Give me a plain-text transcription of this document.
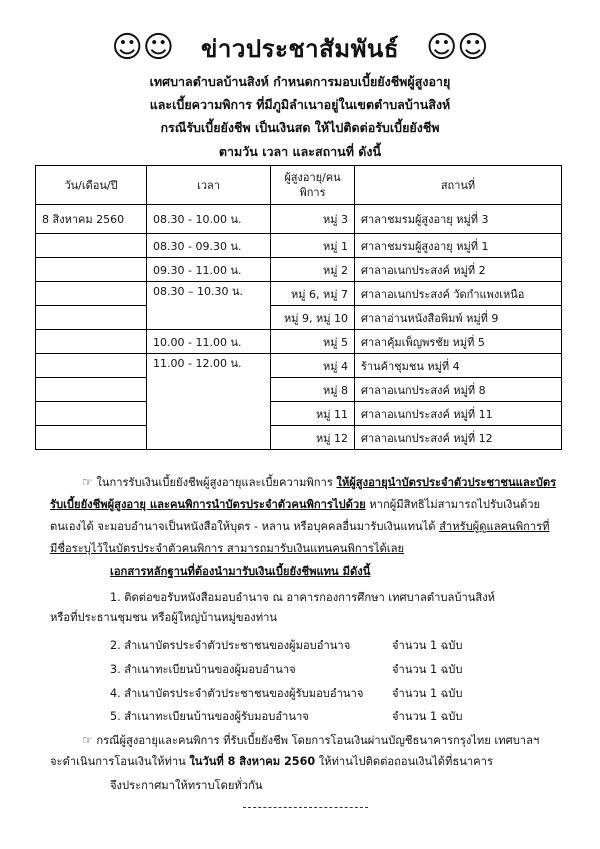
☺☺ ข่าวประชาสัมพันธ์ ☺☺
เทศบาลตำบลบ้านสิงห์ กำหนดการมอบเบี้ยยังชีพผู้สูงอายุ
และเบี้ยความพิการ ที่มีภูมิลำเนาอยู่ในเขตตำบลบ้านสิงห์
กรณีรับเบี้ยยังชีพ เป็นเงินสด ให้ไปติดต่อรับเบี้ยยังชีพ
ตามวัน เวลา และสถานที่ ดังนี้
วัน/เดือน/ปี	เวลา	ผู้สูงอายุ/คนพิการ	สถานที่
8 สิงหาคม 2560	08.30 - 10.00 น.	หมู่ 3	ศาลาชมรมผู้สูงอายุ หมู่ที่ 3
	08.30 - 09.30 น.	หมู่ 1	ศาลาชมรมผู้สูงอายุ หมู่ที่ 1
	09.30 - 11.00 น.	หมู่ 2	ศาลาอเนกประสงค์ หมู่ที่ 2
	08.30 – 10.30 น.	หมู่ 6, หมู่ 7	ศาลาอเนกประสงค์ วัดกำแพงเหนือ
		หมู่ 9, หมู่ 10	ศาลาอ่านหนังสือพิมพ์ หมู่ที่ 9
	10.00 - 11.00 น.	หมู่ 5	ศาลาคุ้มเพ็ญพรชัย หมู่ที่ 5
	11.00 - 12.00 น.	หมู่ 4	ร้านค้าชุมชน หมู่ที่ 4
		หมู่ 8	ศาลาอเนกประสงค์ หมู่ที่ 8
		หมู่ 11	ศาลาอเนกประสงค์ หมู่ที่ 11
		หมู่ 12	ศาลาอเนกประสงค์ หมู่ที่ 12
☞ ในการรับเงินเบี้ยยังชีพผู้สูงอายุและเบี้ยความพิการ ให้ผู้สูงอายุนำบัตรประจำตัวประชาชนและบัตรรับเบี้ยยังชีพผู้สูงอายุ และคนพิการนำบัตรประจำตัวคนพิการไปด้วย หากผู้มีสิทธิไม่สามารถไปรับเงินด้วยตนเองได้ จะมอบอำนาจเป็นหนังสือให้บุตร - หลาน หรือบุคคลอื่นมารับเงินแทนได้ สำหรับผู้ดูแลคนพิการที่มีชื่อระบุไว้ในบัตรประจำตัวคนพิการ สามารถมารับเงินแทนคนพิการได้เลย
เอกสารหลักฐานที่ต้องนำมารับเงินเบี้ยยังชีพแทน มีดังนี้
1. ติดต่อขอรับหนังสือมอบอำนาจ ณ อาคารกองการศึกษา เทศบาลตำบลบ้านสิงห์
หรือที่ประธานชุมชน หรือผู้ใหญ่บ้านหมู่ของท่าน
2. สำเนาบัตรประจำตัวประชาชนของผู้มอบอำนาจ	จำนวน 1 ฉบับ
3. สำเนาทะเบียนบ้านของผู้มอบอำนาจ	จำนวน 1 ฉบับ
4. สำเนาบัตรประจำตัวประชาชนของผู้รับมอบอำนาจ	จำนวน 1 ฉบับ
5. สำเนาทะเบียนบ้านของผู้รับมอบอำนาจ	จำนวน 1 ฉบับ
☞ กรณีผู้สูงอายุและคนพิการ ที่รับเบี้ยยังชีพ โดยการโอนเงินผ่านบัญชีธนาคารกรุงไทย เทศบาลฯ
จะดำเนินการโอนเงินให้ท่าน ในวันที่ 8 สิงหาคม 2560 ให้ท่านไปติดต่อถอนเงินได้ที่ธนาคาร
จึงประกาศมาให้ทราบโดยทั่วกัน
